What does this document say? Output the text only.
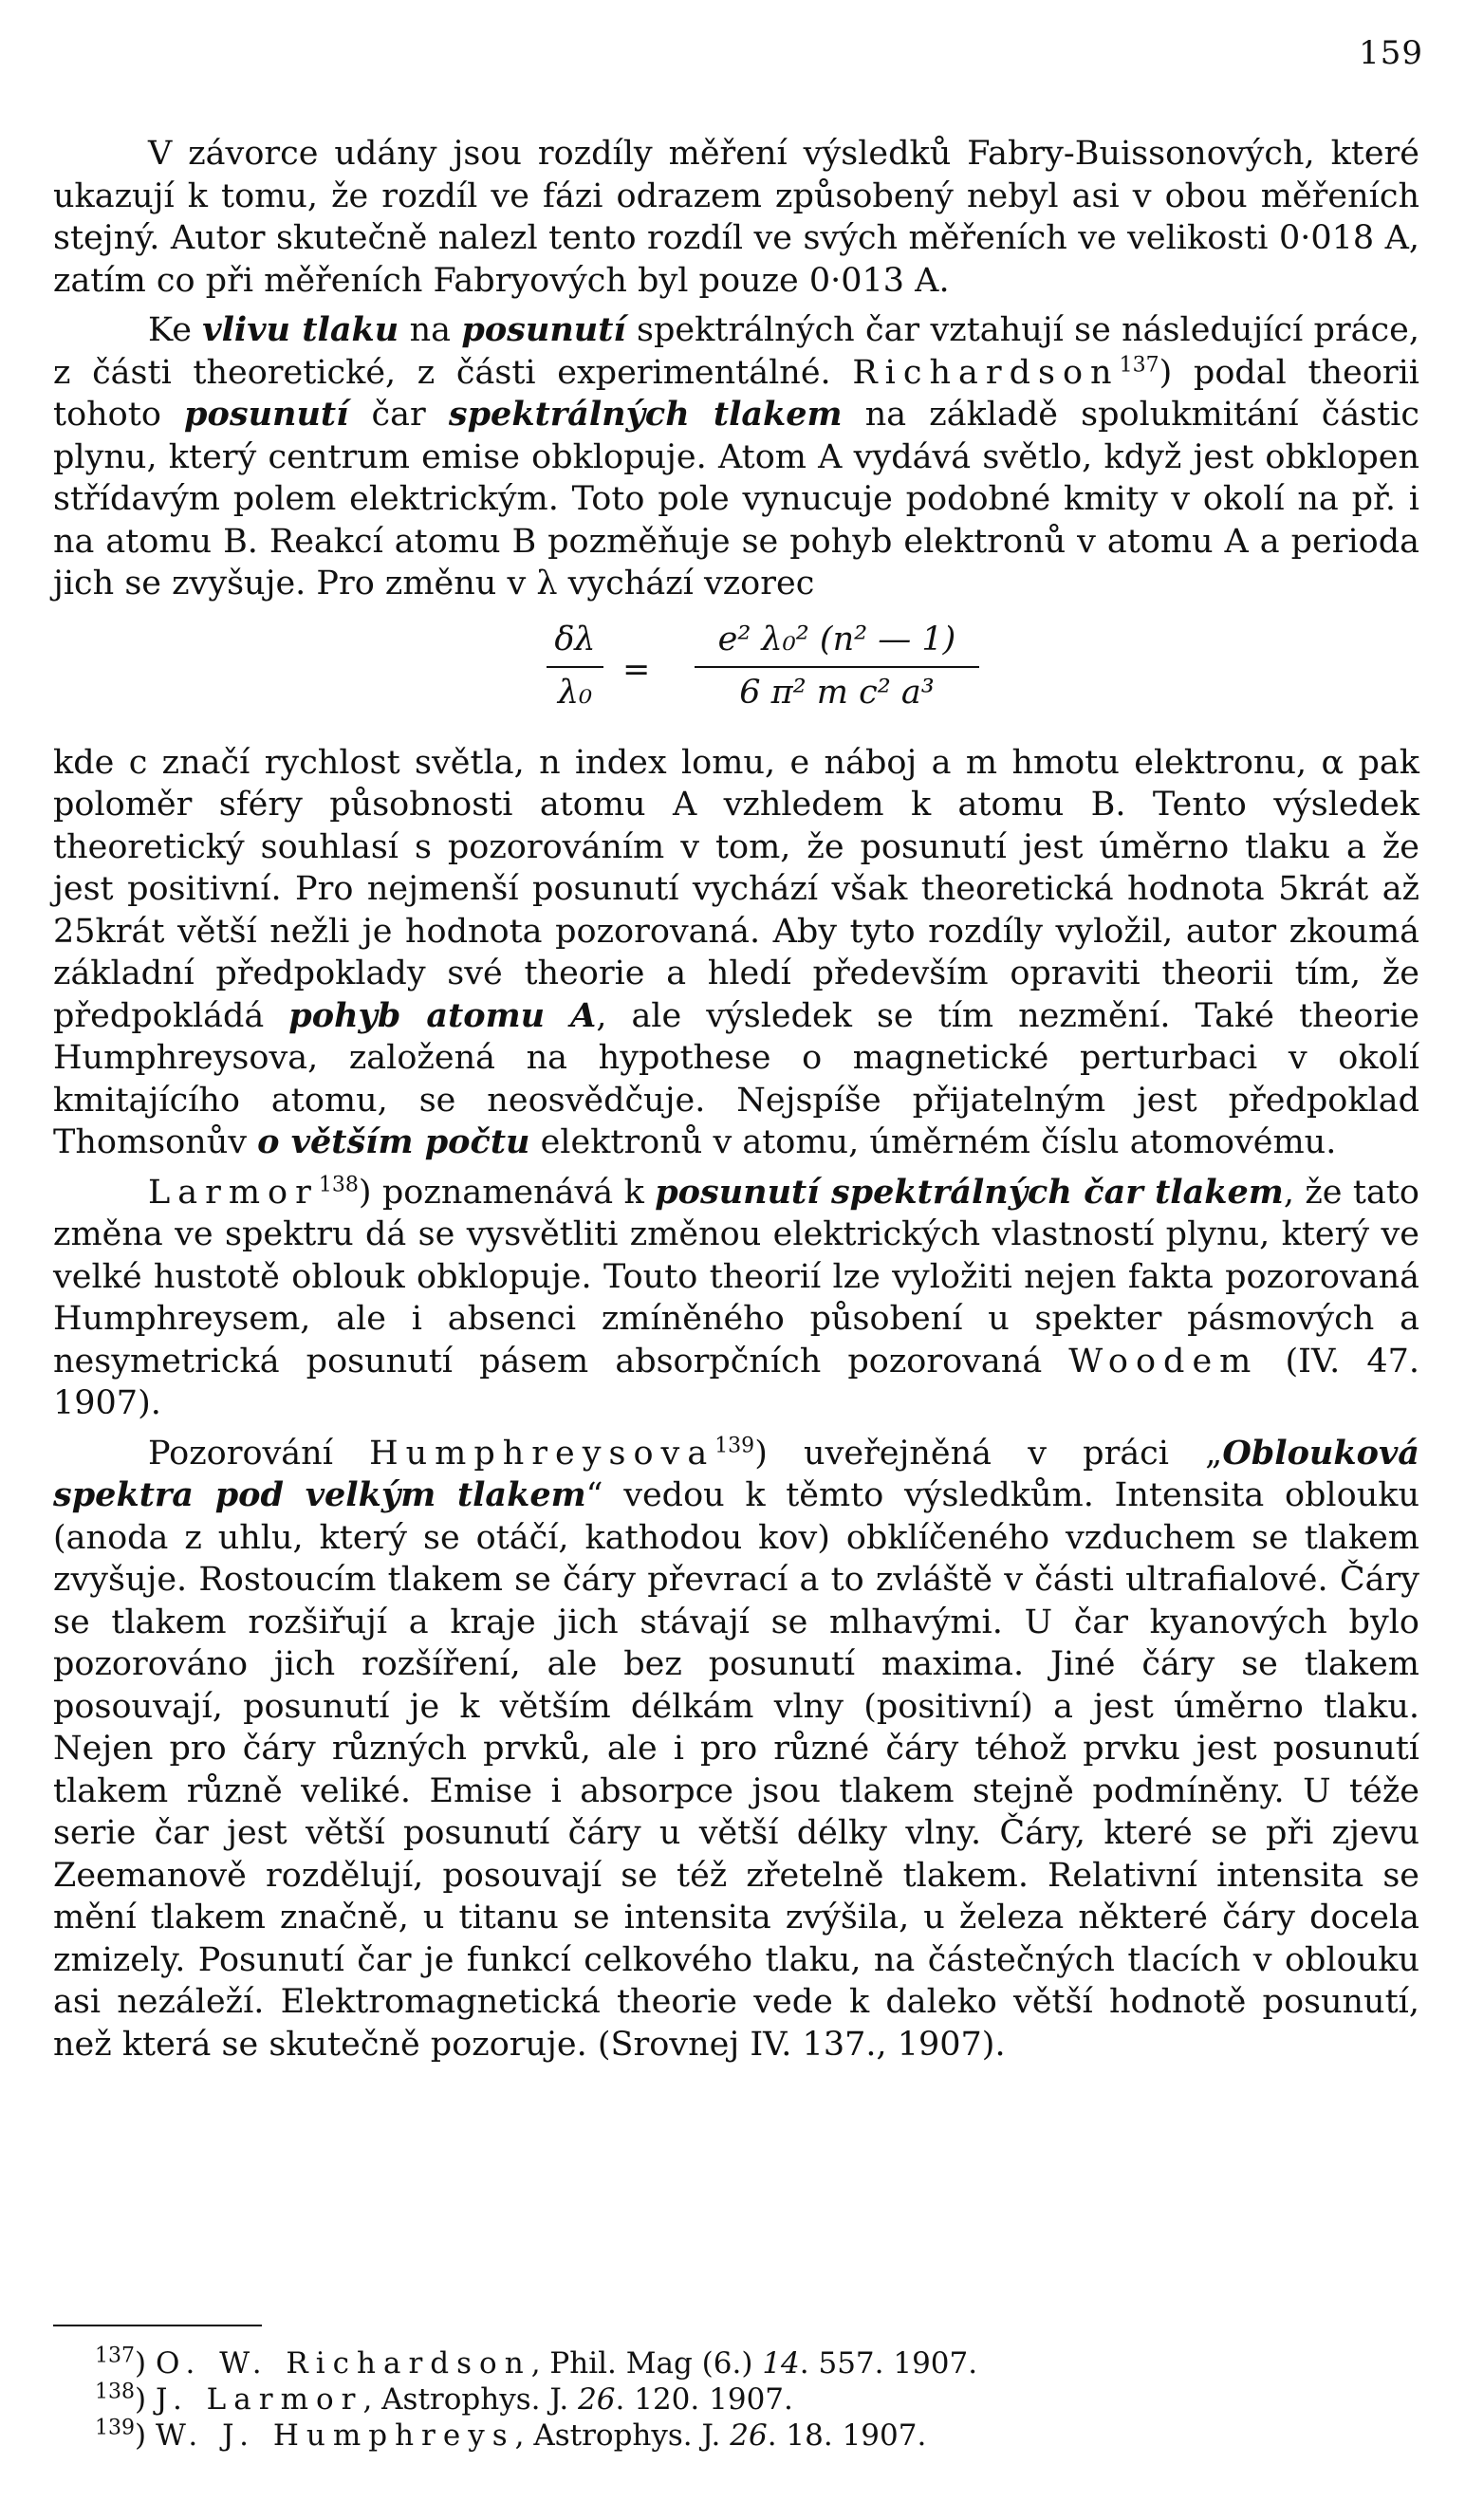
159

V závorce udány jsou rozdíly měření výsledků Fabry-Buissonových, které ukazují k tomu, že rozdíl ve fázi odrazem způsobený nebyl asi v obou měřeních stejný. Autor skutečně nalezl tento rozdíl ve svých měřeních ve velikosti 0·018 A, zatím co při měřeních Fabryových byl pouze 0·013 A.

Ke vlivu tlaku na posunutí spektrálných čar vztahují se následující práce, z části theoretické, z části experimentálné. Richardson$^{137}$) podal theorii tohoto posunutí čar spektrálných tlakem na základě spolukmitání částic plynu, který centrum emise obklopuje. Atom A vydává světlo, když jest obklopen střídavým polem elektrickým. Toto pole vynucuje podobné kmity v okolí na př. i na atomu B. Reakcí atomu B pozměňuje se pohyb elektronů v atomu A a perioda jich se zvyšuje. Pro změnu v λ vychází vzorec

δλ
λ₀
=
e² λ₀² (n² — 1)
6 π² m c² a³

kde c značí rychlost světla, n index lomu, e náboj a m hmotu elektronu, α pak poloměr sféry působnosti atomu A vzhledem k atomu B. Tento výsledek theoretický souhlasí s pozorováním v tom, že posunutí jest úměrno tlaku a že jest positivní. Pro nejmenší posunutí vychází však theoretická hodnota 5krát až 25krát větší nežli je hodnota pozorovaná. Aby tyto rozdíly vyložil, autor zkoumá základní předpoklady své theorie a hledí především opraviti theorii tím, že předpokládá pohyb atomu A, ale výsledek se tím nezmění. Také theorie Humphreysova, založená na hypothese o magnetické perturbaci v okolí kmitajícího atomu, se neosvědčuje. Nejspíše přijatelným jest předpoklad Thomsonův o větším počtu elektronů v atomu, úměrném číslu atomovému.

Larmor$^{138}$) poznamenává k posunutí spektrálných čar tlakem, že tato změna ve spektru dá se vysvětliti změnou elektrických vlastností plynu, který ve velké hustotě oblouk obklopuje. Touto theorií lze vyložiti nejen fakta pozorovaná Humphreysem, ale i absenci zmíněného působení u spekter pásmových a nesymetrická posunutí pásem absorpčních pozorovaná Woodem (IV. 47. 1907).

Pozorování Humphreysova$^{139}$) uveřejněná v práci „Oblouková spektra pod velkým tlakem“ vedou k těmto výsledkům. Intensita oblouku (anoda z uhlu, který se otáčí, kathodou kov) obklíčeného vzduchem se tlakem zvyšuje. Rostoucím tlakem se čáry převrací a to zvláště v části ultrafialové. Čáry se tlakem rozšiřují a kraje jich stávají se mlhavými. U čar kyanových bylo pozorováno jich rozšíření, ale bez posunutí maxima. Jiné čáry se tlakem posouvají, posunutí je k větším délkám vlny (positivní) a jest úměrno tlaku. Nejen pro čáry různých prvků, ale i pro různé čáry téhož prvku jest posunutí tlakem různě veliké. Emise i absorpce jsou tlakem stejně podmíněny. U téže serie čar jest větší posunutí čáry u větší délky vlny. Čáry, které se při zjevu Zeemanově rozdělují, posouvají se též zřetelně tlakem. Relativní intensita se mění tlakem značně, u titanu se intensita zvýšila, u železa některé čáry docela zmizely. Posunutí čar je funkcí celkového tlaku, na částečných tlacích v oblouku asi nezáleží. Elektromagnetická theorie vede k daleko větší hodnotě posunutí, než která se skutečně pozoruje. (Srovnej IV. 137., 1907).

$^{137}$) O. W. Richardson, Phil. Mag (6.) 14. 557. 1907.
$^{138}$) J. Larmor, Astrophys. J. 26. 120. 1907.
$^{139}$) W. J. Humphreys, Astrophys. J. 26. 18. 1907.
